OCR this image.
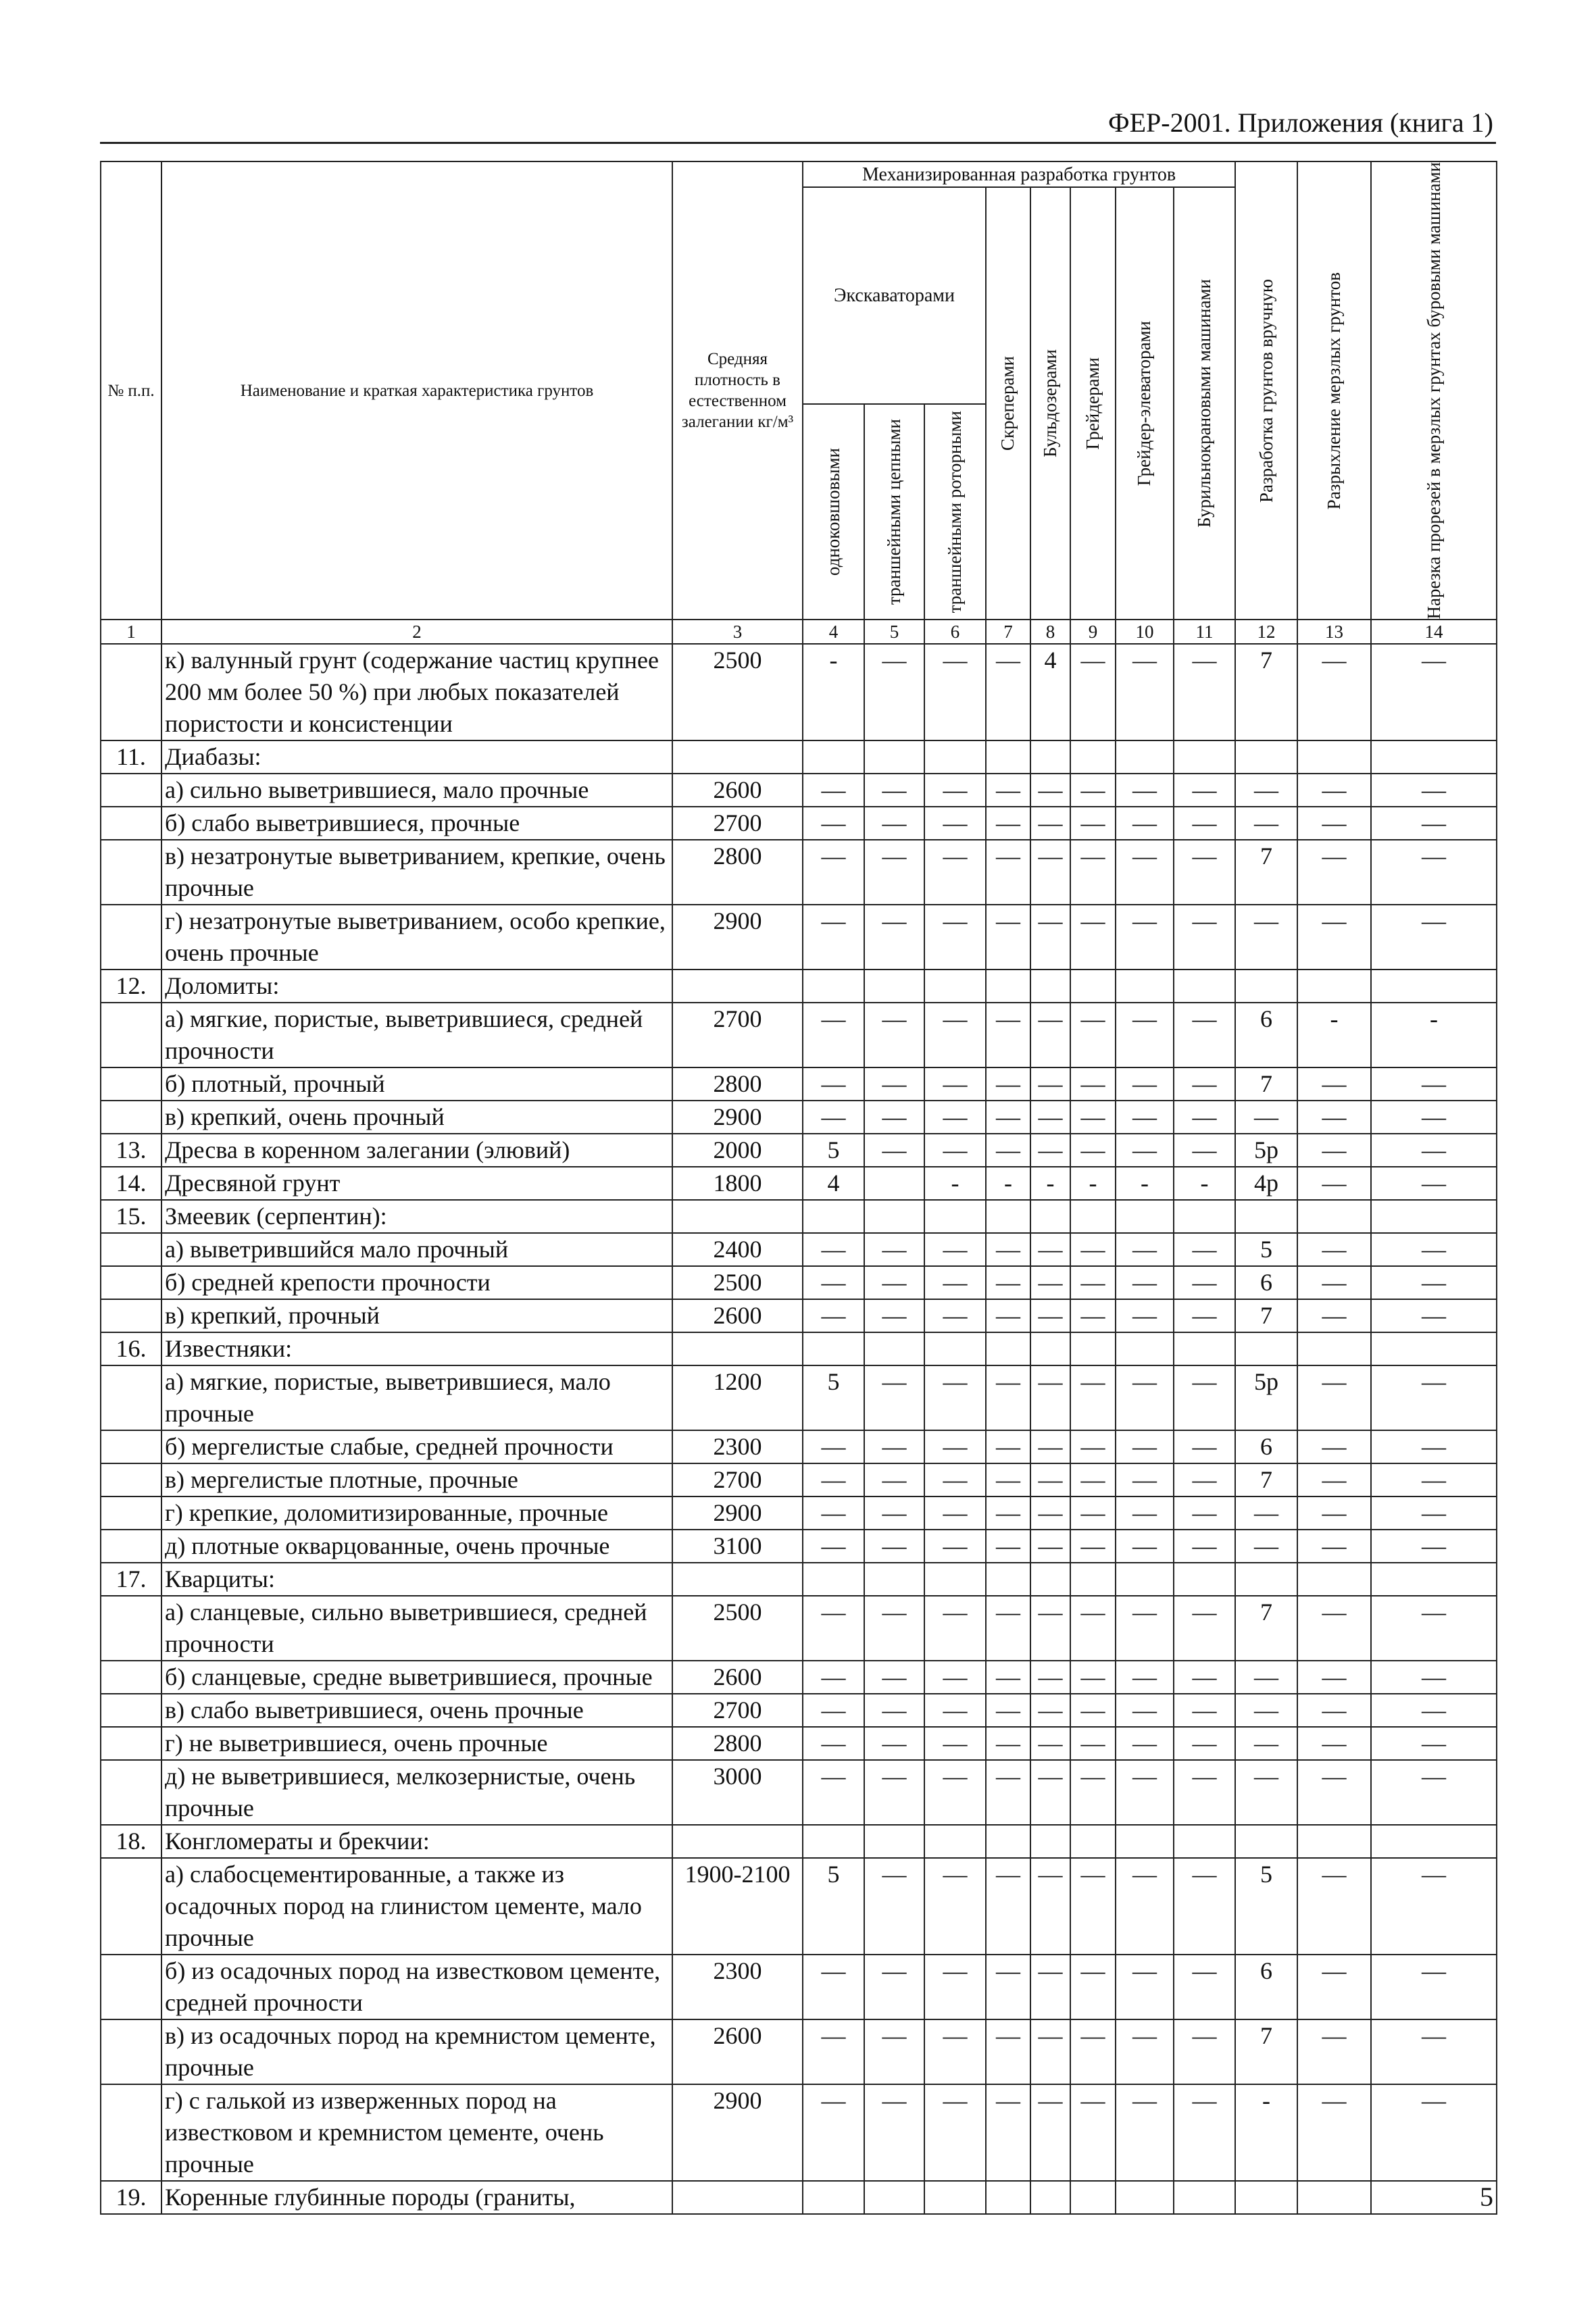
ФЕР-2001. Приложения (книга 1)
№ п.п.	Наименование и краткая характеристика грунтов	Средняя плотность в естественном залегании кг/м³	Механизированная разработка грунтов								Разработка грунтов вручную	Разрыхление мерзлых грунтов	Нарезка прорезей в мерзлых грунтах буровыми машинами

			Экскаваторами			Скреперами	Бульдозерами	Грейдерами	Грейдер-элеваторами	Бурильнокрановыми машинами			

			одноковшовыми	траншейными цепными	траншейными роторными								

1	2	3	4	5	6	7	8	9	10	11	12	13	14
	к) валунный грунт (содержание частиц крупнее 200 мм более 50 %) при любых показателей пористости и консистенции	2500	-	—	—	—	4	—	—	—	7	—	—
11.	Диабазы:												
	а) сильно выветрившиеся, мало прочные	2600	—	—	—	—	—	—	—	—	—	—	—
	б) слабо выветрившиеся, прочные	2700	—	—	—	—	—	—	—	—	—	—	—
	в) незатронутые выветриванием, крепкие, очень прочные	2800	—	—	—	—	—	—	—	—	7	—	—
	г) незатронутые выветриванием, особо крепкие, очень прочные	2900	—	—	—	—	—	—	—	—	—	—	—
12.	Доломиты:												
	а) мягкие, пористые, выветрившиеся, средней прочности	2700	—	—	—	—	—	—	—	—	6	-	-
	б) плотный, прочный	2800	—	—	—	—	—	—	—	—	7	—	—
	в) крепкий, очень прочный	2900	—	—	—	—	—	—	—	—	—	—	—
13.	Дресва в коренном залегании (элювий)	2000	5	—	—	—	—	—	—	—	5р	—	—
14.	Дресвяной грунт	1800	4		-	-	-	-	-	-	4р	—	—
15.	Змеевик (серпентин):												
	а) выветрившийся мало прочный	2400	—	—	—	—	—	—	—	—	5	—	—
	б) средней крепости прочности	2500	—	—	—	—	—	—	—	—	6	—	—
	в) крепкий, прочный	2600	—	—	—	—	—	—	—	—	7	—	—
16.	Известняки:												
	а) мягкие, пористые, выветрившиеся, мало прочные	1200	5	—	—	—	—	—	—	—	5р	—	—
	б) мергелистые слабые, средней прочности	2300	—	—	—	—	—	—	—	—	6	—	—
	в) мергелистые плотные, прочные	2700	—	—	—	—	—	—	—	—	7	—	—
	г) крепкие, доломитизированные, прочные	2900	—	—	—	—	—	—	—	—	—	—	—
	д) плотные окварцованные, очень прочные	3100	—	—	—	—	—	—	—	—	—	—	—
17.	Кварциты:												
	а) сланцевые, сильно выветрившиеся, средней прочности	2500	—	—	—	—	—	—	—	—	7	—	—
	б) сланцевые, средне выветрившиеся, прочные	2600	—	—	—	—	—	—	—	—	—	—	—
	в) слабо выветрившиеся, очень прочные	2700	—	—	—	—	—	—	—	—	—	—	—
	г) не выветрившиеся, очень прочные	2800	—	—	—	—	—	—	—	—	—	—	—
	д) не выветрившиеся, мелкозернистые, очень прочные	3000	—	—	—	—	—	—	—	—	—	—	—
18.	Конгломераты и брекчии:												
	а) слабосцементированные, а также из осадочных пород на глинистом цементе, мало прочные	1900-2100	5	—	—	—	—	—	—	—	5	—	—
	б) из осадочных пород на известковом цементе, средней прочности	2300	—	—	—	—	—	—	—	—	6	—	—
	в) из осадочных пород на кремнистом цементе, прочные	2600	—	—	—	—	—	—	—	—	7	—	—
	г) с галькой из изверженных пород на известковом и кремнистом цементе, очень прочные	2900	—	—	—	—	—	—	—	—	-	—	—
19.	Коренные глубинные породы (граниты,													5
